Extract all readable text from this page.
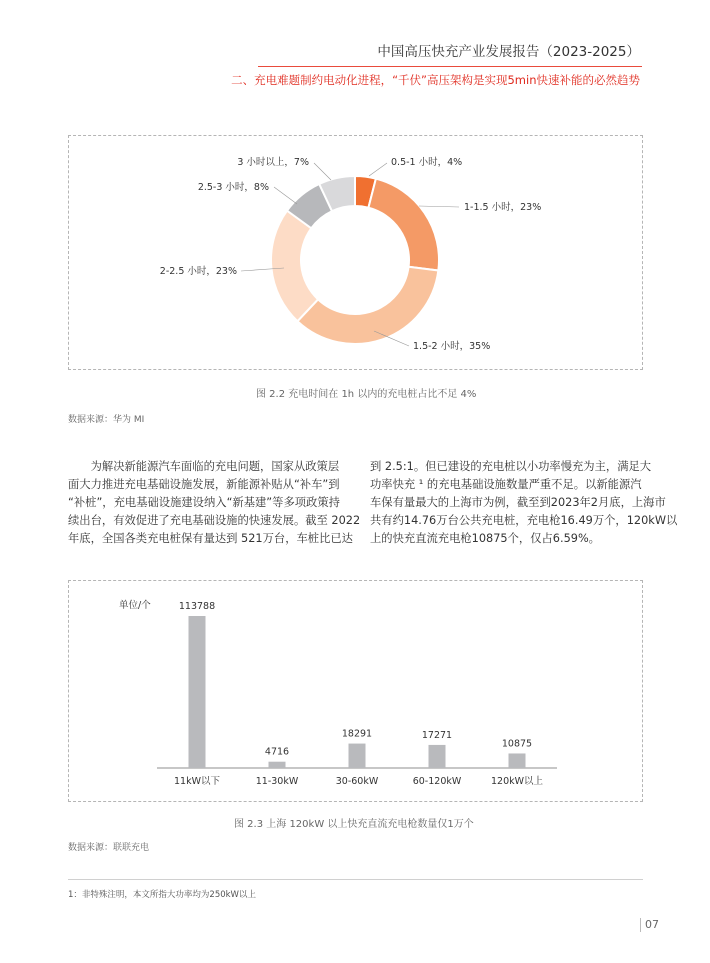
中国高压快充产业发展报告（2023-2025）
二、充电难题制约电动化进程，“千伏”高压架构是实现5min快速补能的必然趋势
0.5-1 小时，4%
1-1.5 小时，23%
1.5-2 小时，35%
2-2.5 小时，23%
2.5-3 小时，8%
3 小时以上，7%
图 2.2 充电时间在 1h 以内的充电桩占比不足 4%
数据来源：华为 MI
　　为解决新能源汽车面临的充电问题，国家从政策层
面大力推进充电基础设施发展，新能源补贴从“补车”到
“补桩”，充电基础设施建设纳入“新基建”等多项政策持
续出台，有效促进了充电基础设施的快速发展。截至 2022
年底，全国各类充电桩保有量达到 521万台，车桩比已达
到 2.5:1。但已建设的充电桩以小功率慢充为主，满足大
功率快充 ¹ 的充电基础设施数量严重不足。以新能源汽
车保有量最大的上海市为例，截至到2023年2月底，上海市
共有约14.76万台公共充电桩，充电枪16.49万个，120kW以
上的快充直流充电枪10875个，仅占6.59%。
单位/个	113788
11kW以下
4716
11-30kW
18291
30-60kW
17271
60-120kW
10875
120kW以上
图 2.3 上海 120kW 以上快充直流充电枪数量仅1万个
数据来源：联联充电
1：非特殊注明，本文所指大功率均为250kW以上
07
